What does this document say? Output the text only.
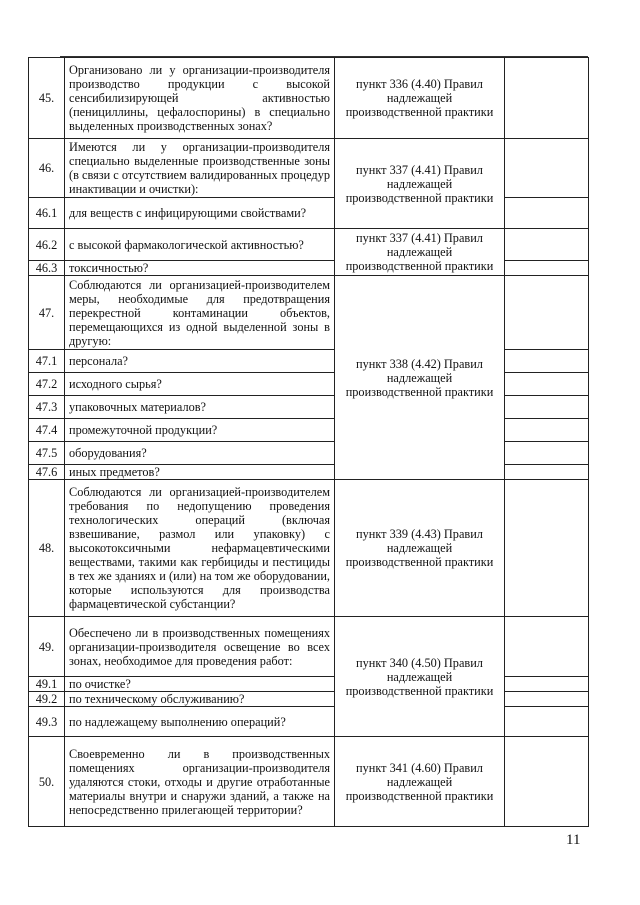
45.	Организовано ли у организации-производителя производство продукции с высокой сенсибилизирующей активностью (пенициллины, цефалоспорины) в специально выделенных производственных зонах?	пункт 336 (4.40) Правил надлежащей производственной практики	
46.	Имеются ли у организации-производителя специально выделенные производственные зоны (в связи с отсутствием валидированных процедур инактивации и очистки):	пункт 337 (4.41) Правил надлежащей производственной практики	
46.1	для веществ с инфицирующими свойствами?		
46.2	с высокой фармакологической активностью?	пункт 337 (4.41) Правил надлежащей производственной практики	
46.3	токсичностью?		
47.	Соблюдаются ли организацией-производителем меры, необходимые для предотвращения перекрестной контаминации объектов, перемещающихся из одной выделенной зоны в другую:	пункт 338 (4.42) Правил надлежащей производственной практики	
47.1	персонала?		
47.2	исходного сырья?		
47.3	упаковочных материалов?		
47.4	промежуточной продукции?		
47.5	оборудования?		
47.6	иных предметов?		
48.	Соблюдаются ли организацией-производителем требования по недопущению проведения технологических операций (включая взвешивание, размол или упаковку) с высокотоксичными нефармацевтическими веществами, такими как гербициды и пестициды в тех же зданиях и (или) на том же оборудовании, которые используются для производства фармацевтической субстанции?	пункт 339 (4.43) Правил надлежащей производственной практики	
49.	Обеспечено ли в производственных помещениях организации-производителя освещение во всех зонах, необходимое для проведения работ:	пункт 340 (4.50) Правил надлежащей производственной практики	
49.1	по очистке?		
49.2	по техническому обслуживанию?		
49.3	по надлежащему выполнению операций?		
50.	Своевременно ли в производственных помещениях организации-производителя удаляются стоки, отходы и другие отработанные материалы внутри и снаружи зданий, а также на непосредственно прилегающей территории?	пункт 341 (4.60) Правил надлежащей производственной практики	
11
